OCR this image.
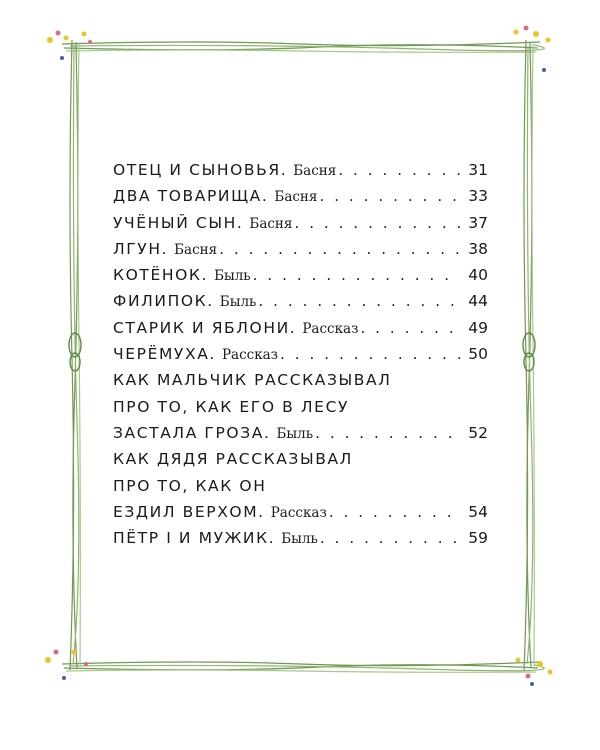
ОТЕЦ И СЫНОВЬЯ. Басня . . .	31
ДВА ТОВАРИЩА. Басня . . .	33
УЧЁНЫЙ СЫН. Басня . . .	37
ЛГУН. Басня . . .	38
КОТЁНОК. Быль . . .	40
ФИЛИПОК. Быль . . .	44
СТАРИК И ЯБЛОНИ. Рассказ . . .	49
ЧЕРЁМУХА. Рассказ . . .	50
КАК МАЛЬЧИК РАССКАЗЫВАЛ
ПРО ТО, КАК ЕГО В ЛЕСУ
ЗАСТАЛА ГРОЗА. Быль . . .	52
КАК ДЯДЯ РАССКАЗЫВАЛ
ПРО ТО, КАК ОН
ЕЗДИЛ ВЕРХОМ. Рассказ . . .	54
ПЁТР I И МУЖИК. Быль . . .	59
